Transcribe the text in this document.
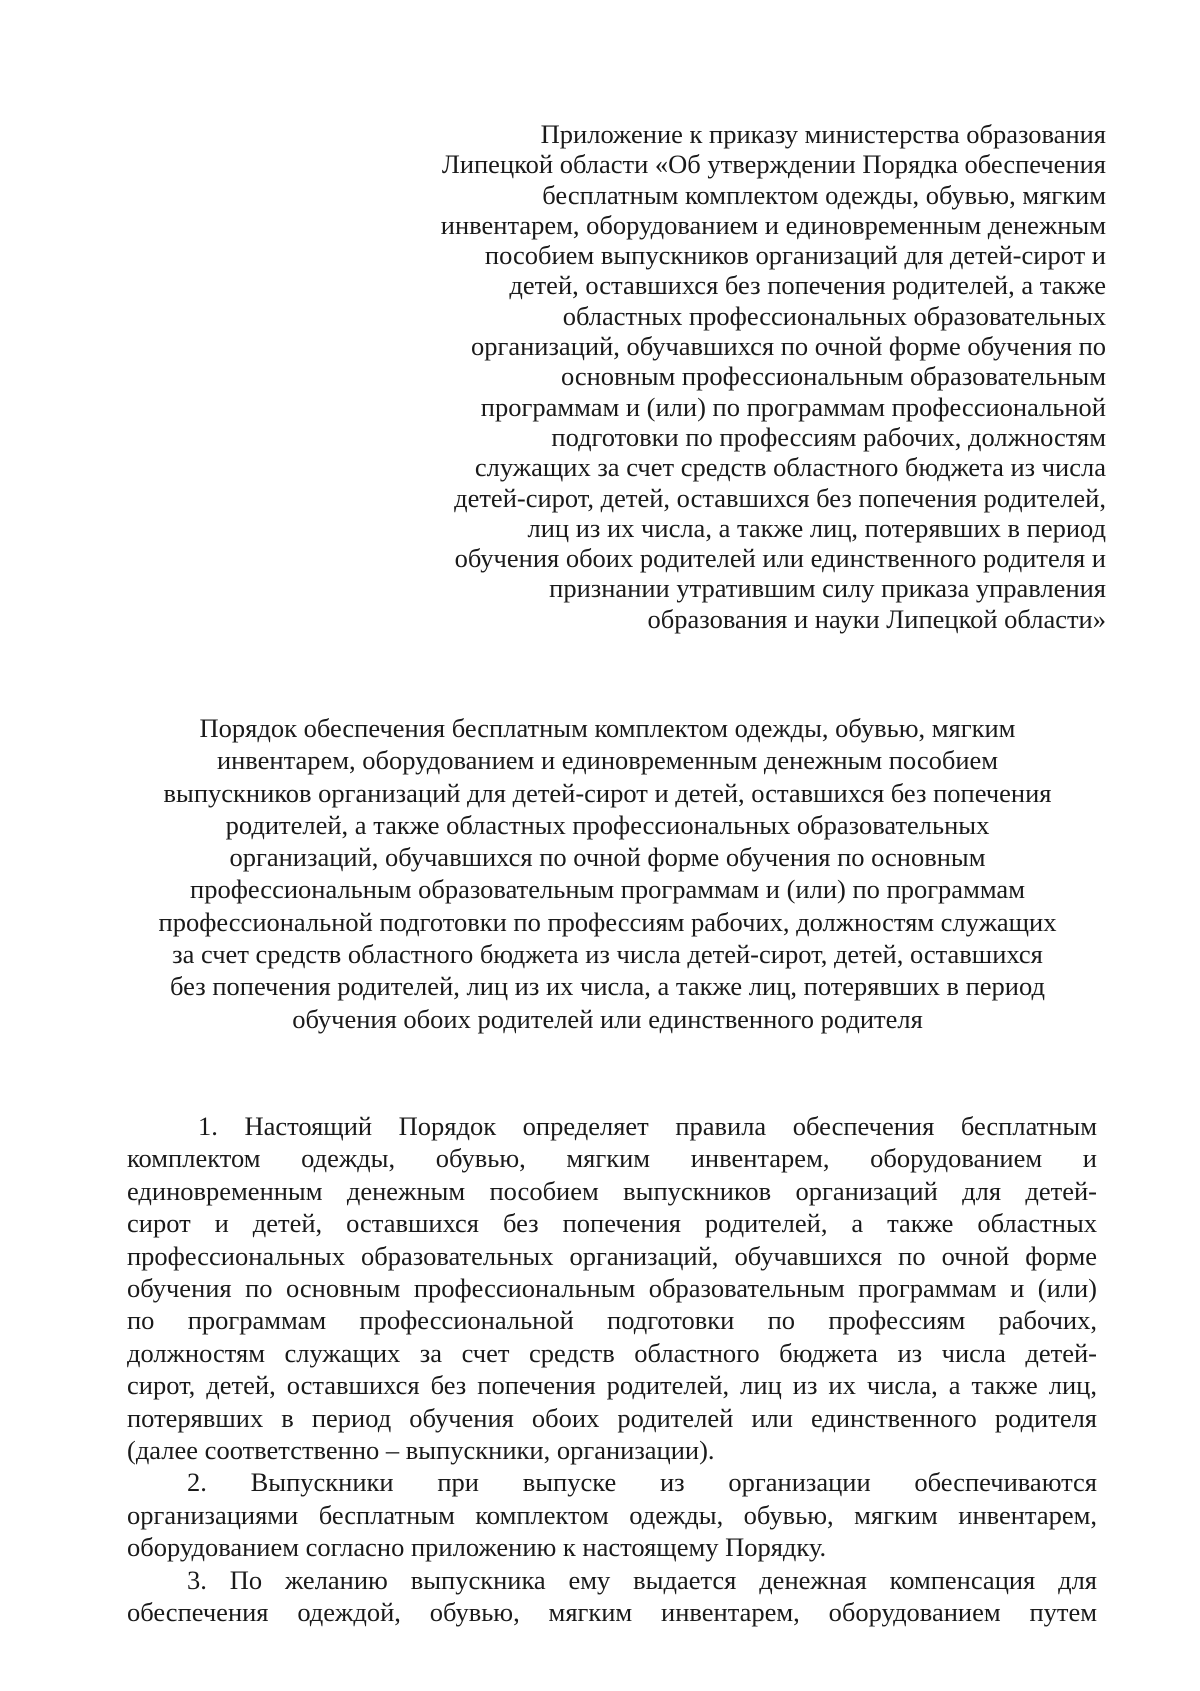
Приложение к приказу министерства образования
Липецкой области «Об утверждении Порядка обеспечения
бесплатным комплектом одежды, обувью, мягким
инвентарем, оборудованием и единовременным денежным
пособием выпускников организаций для детей-сирот и
детей, оставшихся без попечения родителей, а также
областных профессиональных образовательных
организаций, обучавшихся по очной форме обучения по
основным профессиональным образовательным
программам и (или) по программам профессиональной
подготовки по профессиям рабочих, должностям
служащих за счет средств областного бюджета из числа
детей-сирот, детей, оставшихся без попечения родителей,
лиц из их числа, а также лиц, потерявших в период
обучения обоих родителей или единственного родителя и
признании утратившим силу приказа управления
образования и науки Липецкой области»
Порядок обеспечения бесплатным комплектом одежды, обувью, мягким
инвентарем, оборудованием и единовременным денежным пособием
выпускников организаций для детей-сирот и детей, оставшихся без попечения
родителей, а также областных профессиональных образовательных
организаций, обучавшихся по очной форме обучения по основным
профессиональным образовательным программам и (или) по программам
профессиональной подготовки по профессиям рабочих, должностям служащих
за счет средств областного бюджета из числа детей-сирот, детей, оставшихся
без попечения родителей, лиц из их числа, а также лиц, потерявших в период
обучения обоих родителей или единственного родителя
1. Настоящий Порядок определяет правила обеспечения бесплатным
комплектом одежды, обувью, мягким инвентарем, оборудованием и
единовременным денежным пособием выпускников организаций для детей-
сирот и детей, оставшихся без попечения родителей, а также областных
профессиональных образовательных организаций, обучавшихся по очной форме
обучения по основным профессиональным образовательным программам и (или)
по программам профессиональной подготовки по профессиям рабочих,
должностям служащих за счет средств областного бюджета из числа детей-
сирот, детей, оставшихся без попечения родителей, лиц из их числа, а также лиц,
потерявших в период обучения обоих родителей или единственного родителя
(далее соответственно – выпускники, организации).
2. Выпускники при выпуске из организации обеспечиваются
организациями бесплатным комплектом одежды, обувью, мягким инвентарем,
оборудованием согласно приложению к настоящему Порядку.
3. По желанию выпускника ему выдается денежная компенсация для
обеспечения одеждой, обувью, мягким инвентарем, оборудованием путем
